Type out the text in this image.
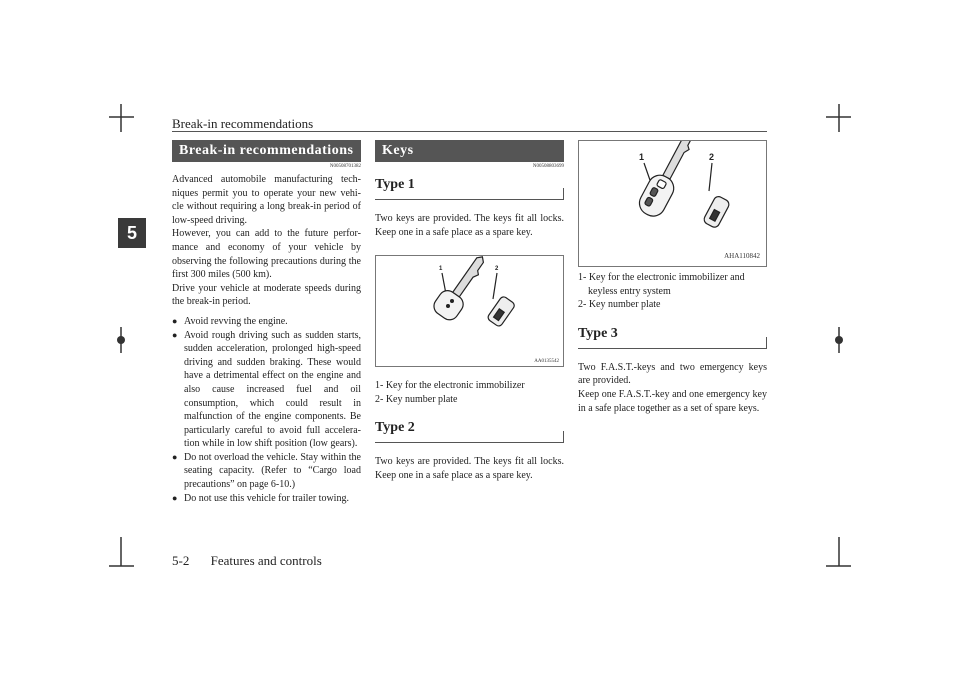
Break-in recommendations
5
5-2 Features and controls
Break-in recommendations
N00508701382
Advanced automobile manufacturing tech-niques permit you to operate your new vehi-cle without requiring a long break-in period of low-speed driving.
However, you can add to the future perfor-mance and economy of your vehicle by observing the following precautions during the first 300 miles (500 km).
Drive your vehicle at moderate speeds during the break-in period.
● Avoid revving the engine.
● Avoid rough driving such as sudden starts, sudden acceleration, prolonged high-speed driving and sudden braking. These would have a detrimental effect on the engine and also cause increased fuel and oil consumption, which could result in malfunction of the engine components. Be particularly careful to avoid full accelera-tion while in low shift position (low gears).
● Do not overload the vehicle. Stay within the seating capacity. (Refer to “Cargo load precautions” on page 6-10.)
● Do not use this vehicle for trailer towing.
Keys
N00508803699
Type 1
Two keys are provided. The keys fit all locks. Keep one in a safe place as a spare key.
1	2
AA0135542
1- Key for the electronic immobilizer
2- Key number plate
Type 2
Two keys are provided. The keys fit all locks. Keep one in a safe place as a spare key.
1	2
AHA110842
1- Key for the electronic immobilizer and keyless entry system
2- Key number plate
Type 3
Two F.A.S.T.-keys and two emergency keys are provided.
Keep one F.A.S.T.-key and one emergency key in a safe place together as a set of spare keys.
